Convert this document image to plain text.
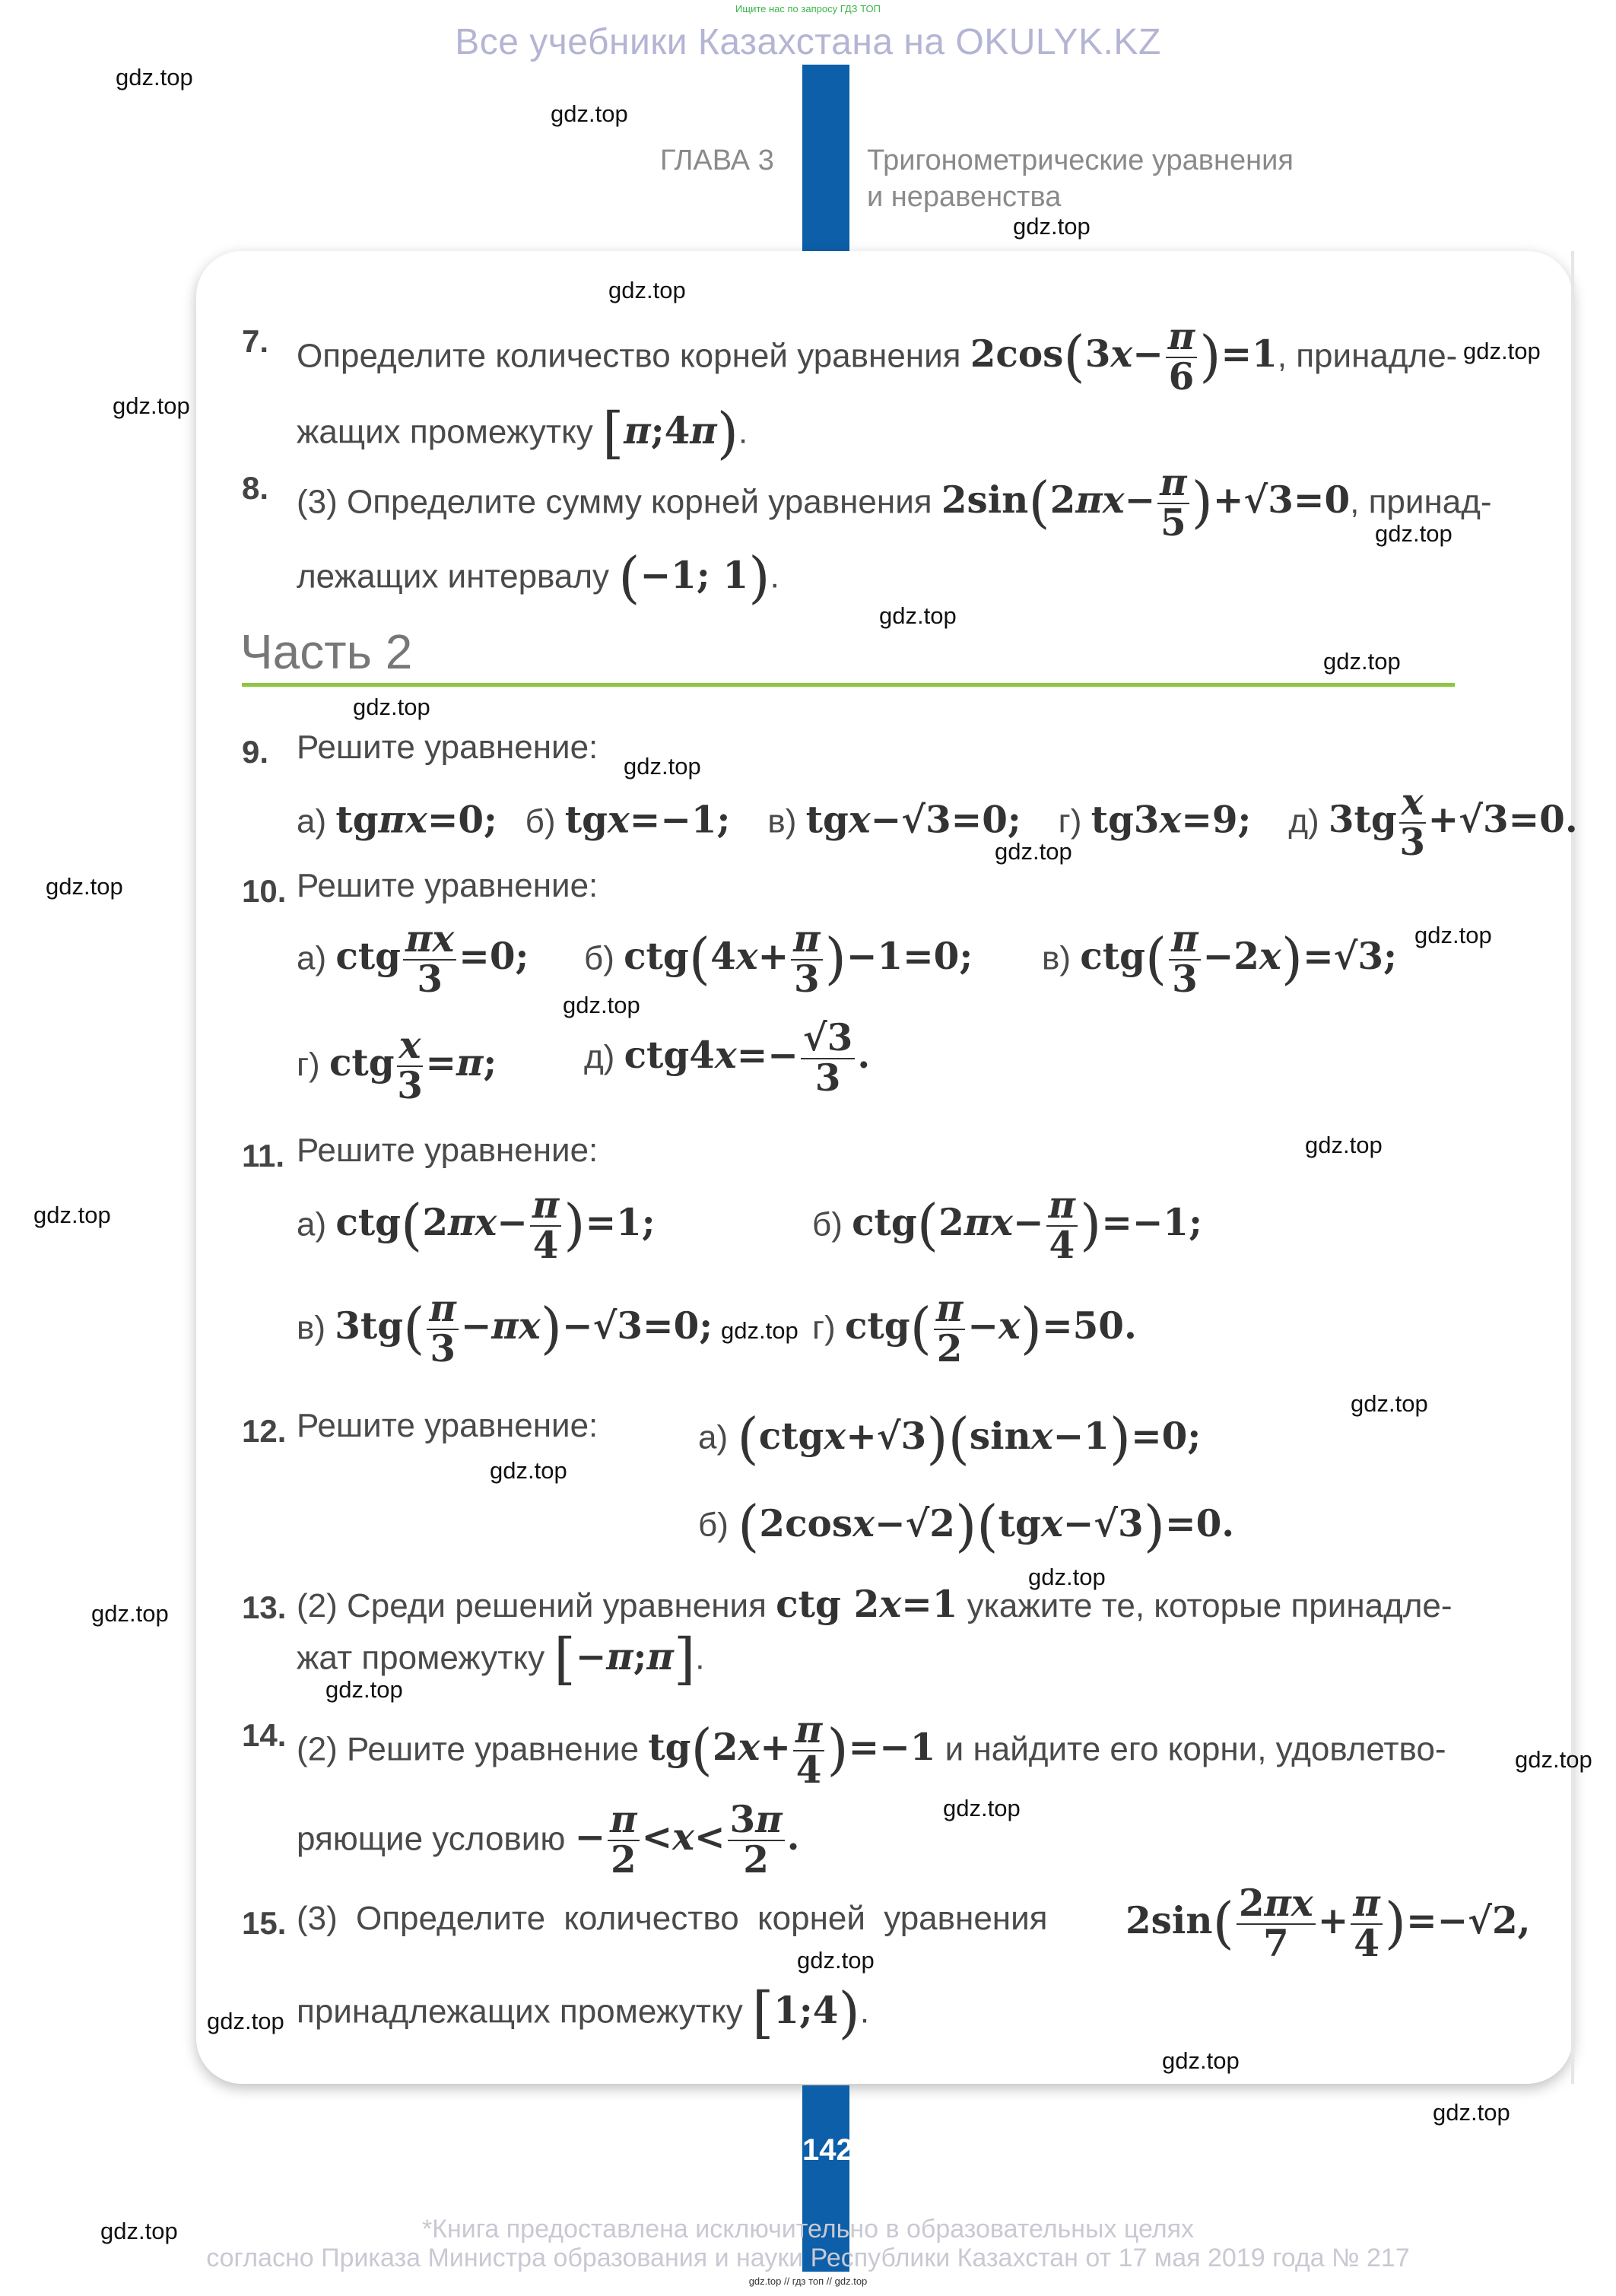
Ищите нас по запросу ГДЗ ТОП
Все учебники Казахстана на OKULYK.KZ
ГЛАВА 3	Тригонометрические уравнения
и неравенства
7. Определите количество корней уравнения $2\cos(3x- \frac{\pi}{6} )=1$, принадле-
жащих промежутку [π;4π).
8. (3) Определите сумму корней уравнения $2\sin(2\pi x- \frac{\pi}{5} )+√3=0$, принад-
лежащих интервалу (−1; 1).
Часть 2
9. Решите уравнение:
а) tgπx=0; б) tgx=−1; в) tgx−√3=0; г) tg3x=9; д) $3tg \frac{x}{3} +√3=0$.
10. Решите уравнение:
а) ctg $\frac{\pi x}{3} =0$; б) $ctg(4x+ \frac{\pi}{3} )-1=0$; в) $ctg( \frac{\pi}{3} -2x)=√3$;
г) ctg $\frac{x}{3} =\pi$;	д) $ctg4x=- \frac{√3}{3}$ .
11. Решите уравнение:
а) $ctg(2\pi x- \frac{\pi}{4} )=1$;	б) $ctg(2\pi x- \frac{\pi}{4} )=-1$;
в) $3tg( \frac{\pi}{3} -\pi x)-√3=0$;	г) $ctg( \frac{\pi}{2} -x)=50$.
12. Решите уравнение:	а) (ctgx+√3)(sinx−1)=0;
б) (2cosx−√2)(tgx−√3)=0.
13. (2) Среди решений уравнения ctg 2x=1 укажите те, которые принадле-
жат промежутку [−π;π].
14. (2) Решите уравнение $tg(2x+ \frac{\pi}{4} )=-1$ и найдите его корни, удовлетво-
ряющие условию − $\frac{\pi}{2} <x< \frac{3\pi}{2}$ .
15. (3) Определите количество корней уравнения $2\sin( \frac{2\pi x}{7} + \frac{\pi}{4} )=-√2$,
принадлежащих промежутку [1;4).
142
*Книга предоставлена исключительно в образовательных целях
согласно Приказа Министра образования и науки Республики Казахстан от 17 мая 2019 года № 217
gdz.top // гдз топ // gdz.top
gdz.top
gdz.top
gdz.top
gdz.top
gdz.top
gdz.top
gdz.top
gdz.top
gdz.top
gdz.top
gdz.top
gdz.top
gdz.top
gdz.top
gdz.top
gdz.top
gdz.top
gdz.top
gdz.top
gdz.top
gdz.top
gdz.top
gdz.top
gdz.top
gdz.top
gdz.top
gdz.top
gdz.top
gdz.top
gdz.top
